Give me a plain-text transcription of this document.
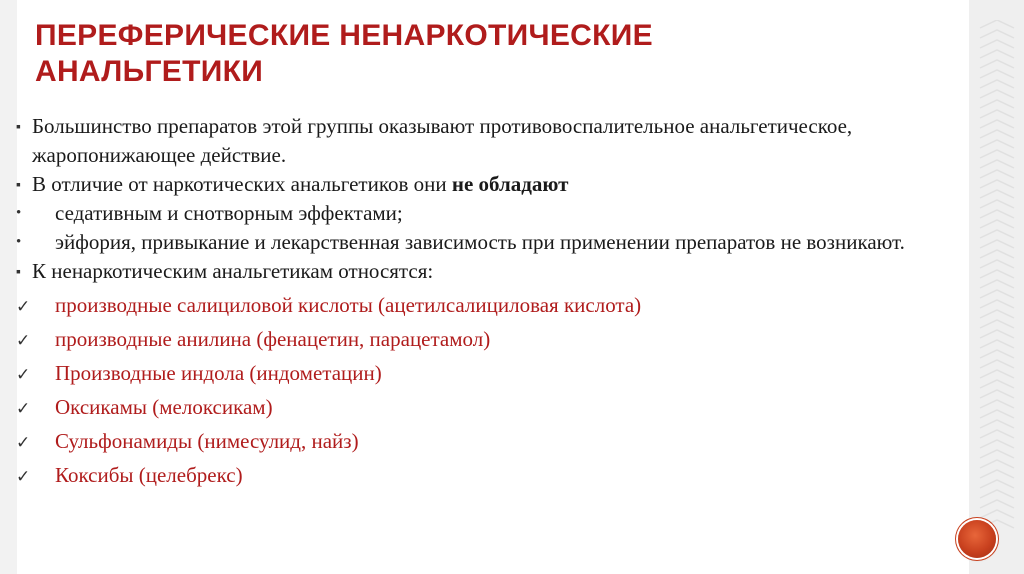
ПЕРЕФЕРИЧЕСКИЕ НЕНАРКОТИЧЕСКИЕ АНАЛЬГЕТИКИ

▪ Большинство препаратов этой группы оказывают противовоспалительное анальгетическое, жаропонижающее действие.

▪ В отличие от наркотических анальгетиков они не обладают

•	седативным и снотворным эффектами;

•	эйфория, привыкание и лекарственная зависимость при применении препаратов не возникают.

▪ К ненаркотическим анальгетикам относятся:

✓	производные салициловой кислоты (ацетилсалициловая кислота)

✓	производные анилина (фенацетин, парацетамол)

✓	Производные индола (индометацин)

✓	Оксикамы (мелоксикам)

✓	Сульфонамиды (нимесулид, найз)

✓	Коксибы (целебрекс)
